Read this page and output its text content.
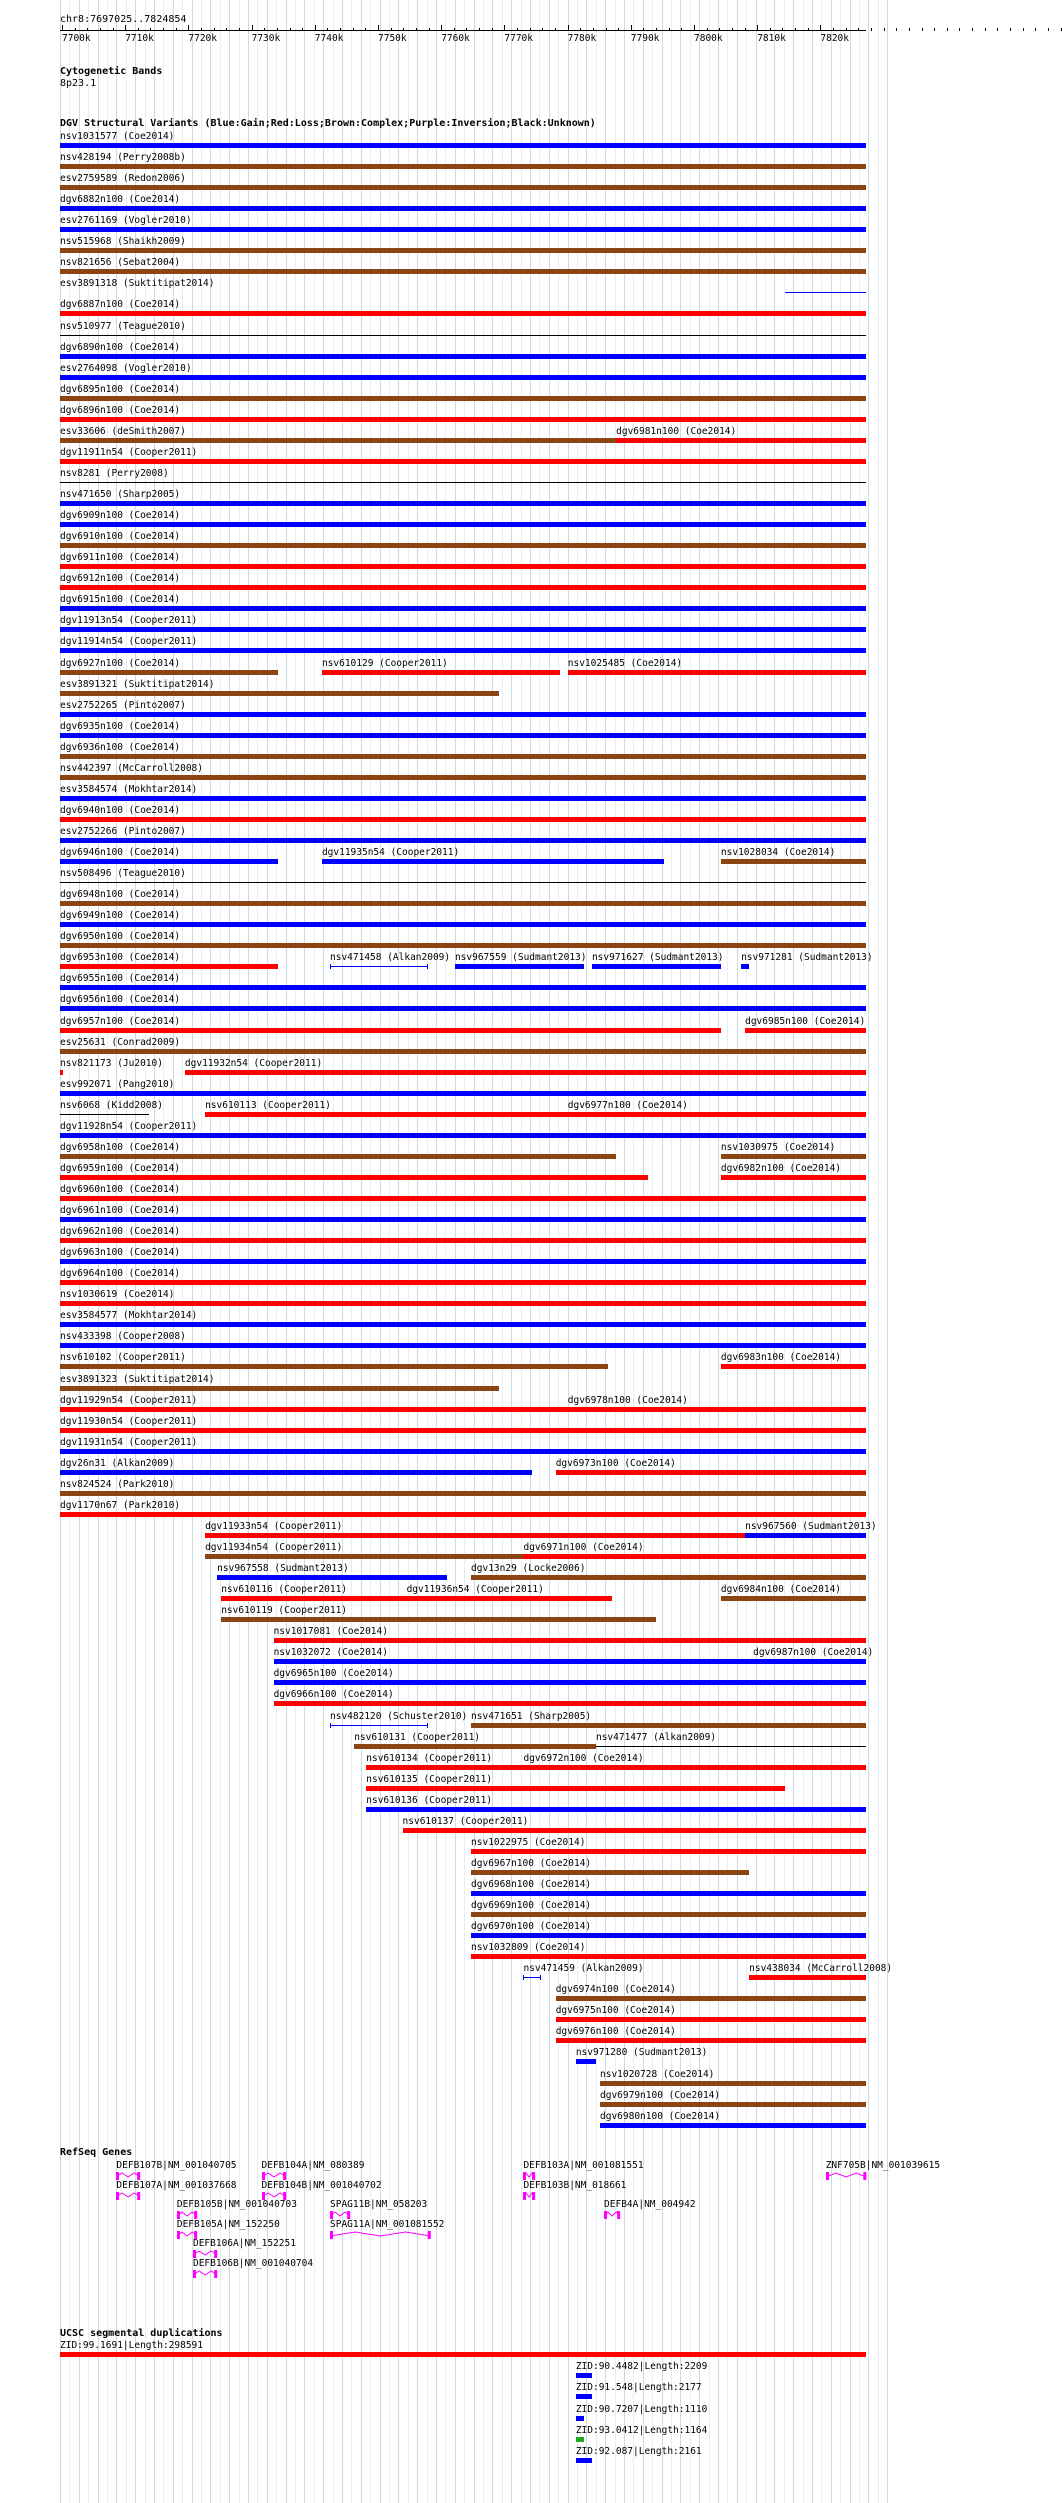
chr8:7697025..7824854
7700k	7710k	7720k	7730k	7740k	7750k	7760k	7770k	7780k	7790k	7800k	7810k	7820k
Cytogenetic Bands
8p23.1
DGV Structural Variants (Blue:Gain;Red:Loss;Brown:Complex;Purple:Inversion;Black:Unknown)
nsv1031577 (Coe2014)
nsv428194 (Perry2008b)
esv2759589 (Redon2006)
dgv6882n100 (Coe2014)
esv2761169 (Vogler2010)
nsv515968 (Shaikh2009)
nsv821656 (Sebat2004)
esv3891318 (Suktitipat2014)
dgv6887n100 (Coe2014)
nsv510977 (Teague2010)
dgv6890n100 (Coe2014)
esv2764098 (Vogler2010)
dgv6895n100 (Coe2014)
dgv6896n100 (Coe2014)
esv33606 (deSmith2007)	dgv6981n100 (Coe2014)
dgv11911n54 (Cooper2011)
nsv8281 (Perry2008)
nsv471650 (Sharp2005)
dgv6909n100 (Coe2014)
dgv6910n100 (Coe2014)
dgv6911n100 (Coe2014)
dgv6912n100 (Coe2014)
dgv6915n100 (Coe2014)
dgv11913n54 (Cooper2011)
dgv11914n54 (Cooper2011)
dgv6927n100 (Coe2014)	nsv610129 (Cooper2011)	nsv1025485 (Coe2014)
esv3891321 (Suktitipat2014)
esv2752265 (Pinto2007)
dgv6935n100 (Coe2014)
dgv6936n100 (Coe2014)
nsv442397 (McCarroll2008)
esv3584574 (Mokhtar2014)
dgv6940n100 (Coe2014)
esv2752266 (Pinto2007)
dgv6946n100 (Coe2014)	dgv11935n54 (Cooper2011)	nsv1028034 (Coe2014)
nsv508496 (Teague2010)
dgv6948n100 (Coe2014)
dgv6949n100 (Coe2014)
dgv6950n100 (Coe2014)
dgv6953n100 (Coe2014)	nsv471458 (Alkan2009) nsv967559 (Sudmant2013) nsv971627 (Sudmant2013) nsv971281 (Sudmant2013)
dgv6955n100 (Coe2014)
dgv6956n100 (Coe2014)
dgv6957n100 (Coe2014)	dgv6985n100 (Coe2014)
esv25631 (Conrad2009)
nsv821173 (Ju2010) dgv11932n54 (Cooper2011)
esv992071 (Pang2010)
nsv6068 (Kidd2008)	nsv610113 (Cooper2011)	dgv6977n100 (Coe2014)
dgv11928n54 (Cooper2011)
dgv6958n100 (Coe2014)	nsv1030975 (Coe2014)
dgv6959n100 (Coe2014)	dgv6982n100 (Coe2014)
dgv6960n100 (Coe2014)
dgv6961n100 (Coe2014)
dgv6962n100 (Coe2014)
dgv6963n100 (Coe2014)
dgv6964n100 (Coe2014)
nsv1030619 (Coe2014)
esv3584577 (Mokhtar2014)
nsv433398 (Cooper2008)
nsv610102 (Cooper2011)	dgv6983n100 (Coe2014)
esv3891323 (Suktitipat2014)
dgv11929n54 (Cooper2011)	dgv6978n100 (Coe2014)
dgv11930n54 (Cooper2011)
dgv11931n54 (Cooper2011)
dgv26n31 (Alkan2009)	dgv6973n100 (Coe2014)
nsv824524 (Park2010)
dgv1170n67 (Park2010)
dgv11933n54 (Cooper2011)	nsv967560 (Sudmant2013)
dgv11934n54 (Cooper2011)	dgv6971n100 (Coe2014)
nsv967558 (Sudmant2013)	dgv13n29 (Locke2006)
nsv610116 (Cooper2011)	dgv11936n54 (Cooper2011)	dgv6984n100 (Coe2014)
nsv610119 (Cooper2011)
nsv1017081 (Coe2014)
nsv1032072 (Coe2014)	dgv6987n100 (Coe2014)
dgv6965n100 (Coe2014)
dgv6966n100 (Coe2014)
nsv482120 (Schuster2010) nsv471651 (Sharp2005)
nsv610131 (Cooper2011)	nsv471477 (Alkan2009)
nsv610134 (Cooper2011)	dgv6972n100 (Coe2014)
nsv610135 (Cooper2011)
nsv610136 (Cooper2011)
nsv610137 (Cooper2011)
nsv1022975 (Coe2014)
dgv6967n100 (Coe2014)
dgv6968n100 (Coe2014)
dgv6969n100 (Coe2014)
dgv6970n100 (Coe2014)
nsv1032809 (Coe2014)
nsv471459 (Alkan2009)	nsv438034 (McCarroll2008)
dgv6974n100 (Coe2014)
dgv6975n100 (Coe2014)
dgv6976n100 (Coe2014)
nsv971280 (Sudmant2013)
nsv1020728 (Coe2014)
dgv6979n100 (Coe2014)
dgv6980n100 (Coe2014)
RefSeq Genes
DEFB107B|NM_001040705	DEFB104A|NM_080389	DEFB103A|NM_001081551	ZNF705B|NM_001039615
DEFB107A|NM_001037668	DEFB104B|NM_001040702	DEFB103B|NM_018661
DEFB105B|NM_001040703	SPAG11B|NM_058203	DEFB4A|NM_004942
DEFB105A|NM_152250	SPAG11A|NM_001081552
DEFB106A|NM_152251
DEFB106B|NM_001040704
UCSC segmental duplications
ZID:99.1691|Length:298591
ZID:90.4482|Length:2209
ZID:91.548|Length:2177
ZID:90.7207|Length:1110
ZID:93.0412|Length:1164
ZID:92.087|Length:2161
